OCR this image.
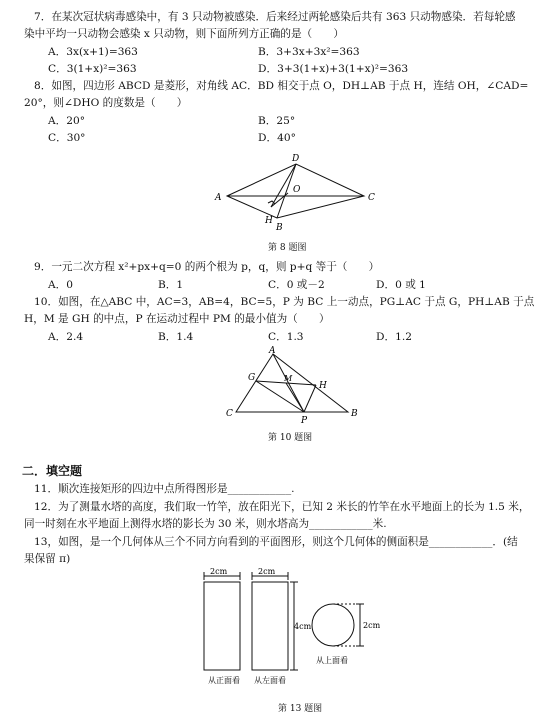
7．在某次冠状病毒感染中，有 3 只动物被感染．后来经过两轮感染后共有 363 只动物感染．若每轮感
染中平均一只动物会感染 x 只动物，则下面所列方正确的是（　　）
A．3x(x+1)=363	B．3+3x+3x²=363
C．3(1+x)²=363	D．3+3(1+x)+3(1+x)²=363
8．如图，四边形 ABCD 是菱形，对角线 AC．BD 相交于点 O，DH⊥AB 于点 H，连结 OH，∠CAD=
20°，则∠DHO 的度数是（　　）
A．20°	B．25°
C．30°	D．40°
A
D
C
O
H
B
第 8 题图
9．一元二次方程 x²+px+q=0 的两个根为 p，q，则 p+q 等于（　　）
A．0	B．1	C．0 或－2	D．0 或 1
10．如图，在△ABC 中，AC=3，AB=4，BC=5，P 为 BC 上一动点，PG⊥AC 于点 G，PH⊥AB 于点
H，M 是 GH 的中点，P 在运动过程中 PM 的最小值为（　　）
A．2.4	B．1.4	C．1.3	D．1.2
A
G	M
H
C	B
P
第 10 题图
二．填空题
11．顺次连接矩形的四边中点所得图形是____________.
12．为了测量水塔的高度，我们取一竹竿，放在阳光下，已知 2 米长的竹竿在水平地面上的长为 1.5 米，
同一时刻在水平地面上测得水塔的影长为 30 米，则水塔高为____________米.
13，如图，是一个几何体从三个不同方向看到的平面图形，则这个几何体的侧面积是____________．(结
果保留 π)
2cm	2cm
4cm	2cm
从正面看 从左面看
从上面看
第 13 题图
